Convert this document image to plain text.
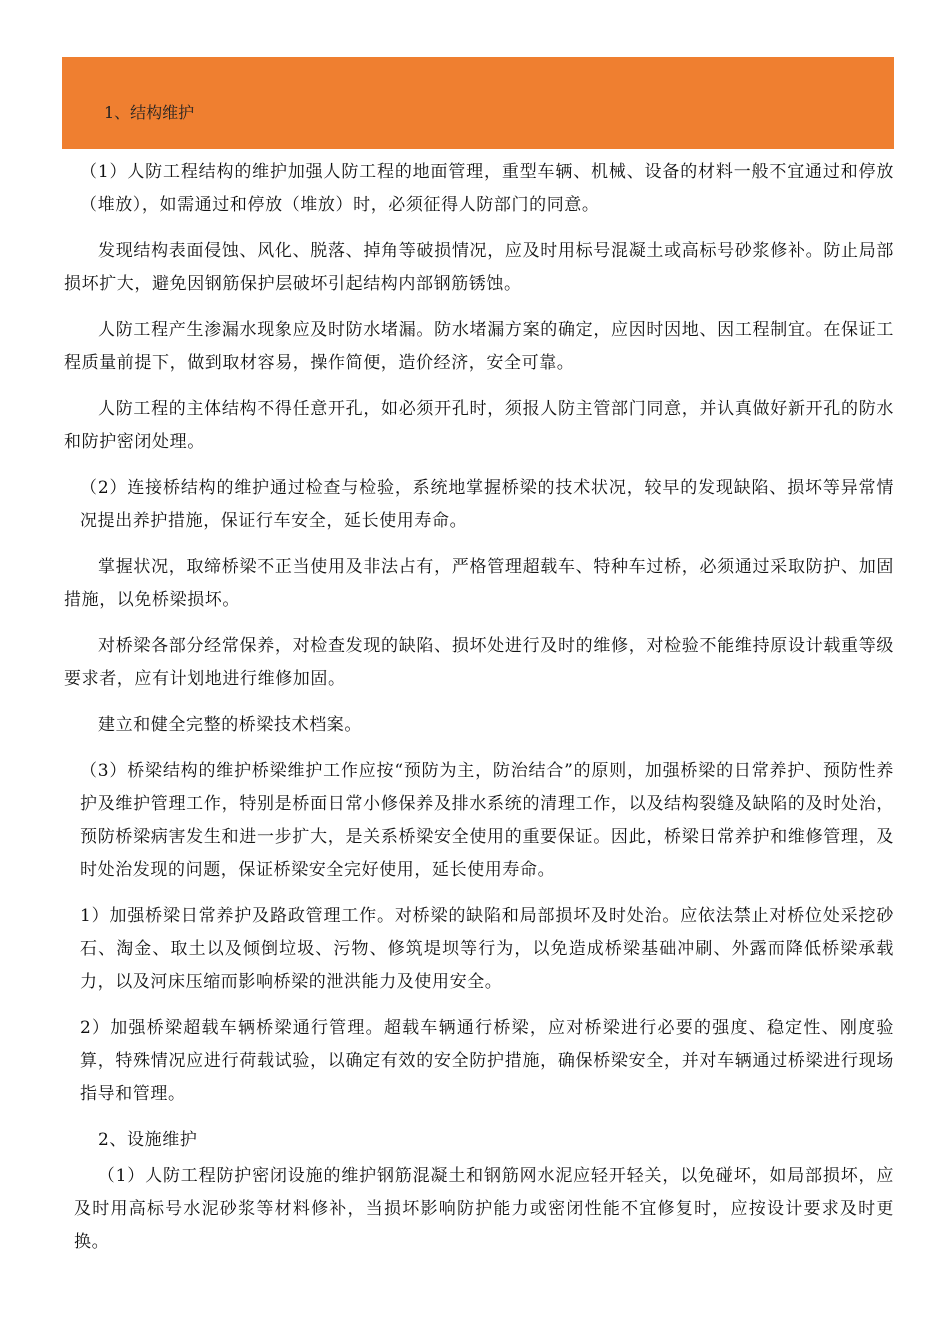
1、结构维护

（1）人防工程结构的维护加强人防工程的地面管理，重型车辆、机械、设备的材料一般不宜通过和停放（堆放），如需通过和停放（堆放）时，必须征得人防部门的同意。

发现结构表面侵蚀、风化、脱落、掉角等破损情况，应及时用标号混凝土或高标号砂浆修补。防止局部损坏扩大，避免因钢筋保护层破坏引起结构内部钢筋锈蚀。

人防工程产生渗漏水现象应及时防水堵漏。防水堵漏方案的确定，应因时因地、因工程制宜。在保证工程质量前提下，做到取材容易，操作简便，造价经济，安全可靠。

人防工程的主体结构不得任意开孔，如必须开孔时，须报人防主管部门同意，并认真做好新开孔的防水和防护密闭处理。

（2）连接桥结构的维护通过检查与检验，系统地掌握桥梁的技术状况，较早的发现缺陷、损坏等异常情况提出养护措施，保证行车安全，延长使用寿命。

掌握状况，取缔桥梁不正当使用及非法占有，严格管理超载车、特种车过桥，必须通过采取防护、加固措施，以免桥梁损坏。

对桥梁各部分经常保养，对检查发现的缺陷、损坏处进行及时的维修，对检验不能维持原设计载重等级要求者，应有计划地进行维修加固。

建立和健全完整的桥梁技术档案。

（3）桥梁结构的维护桥梁维护工作应按“预防为主，防治结合”的原则，加强桥梁的日常养护、预防性养护及维护管理工作，特别是桥面日常小修保养及排水系统的清理工作，以及结构裂缝及缺陷的及时处治，预防桥梁病害发生和进一步扩大，是关系桥梁安全使用的重要保证。因此，桥梁日常养护和维修管理，及时处治发现的问题，保证桥梁安全完好使用，延长使用寿命。

1）加强桥梁日常养护及路政管理工作。对桥梁的缺陷和局部损坏及时处治。应依法禁止对桥位处采挖砂石、淘金、取土以及倾倒垃圾、污物、修筑堤坝等行为，以免造成桥梁基础冲刷、外露而降低桥梁承载力，以及河床压缩而影响桥梁的泄洪能力及使用安全。

2）加强桥梁超载车辆桥梁通行管理。超载车辆通行桥梁，应对桥梁进行必要的强度、稳定性、刚度验算，特殊情况应进行荷载试验，以确定有效的安全防护措施，确保桥梁安全，并对车辆通过桥梁进行现场指导和管理。

2、设施维护

（1）人防工程防护密闭设施的维护钢筋混凝土和钢筋网水泥应轻开轻关，以免碰坏，如局部损坏，应及时用高标号水泥砂浆等材料修补，当损坏影响防护能力或密闭性能不宜修复时，应按设计要求及时更换。
